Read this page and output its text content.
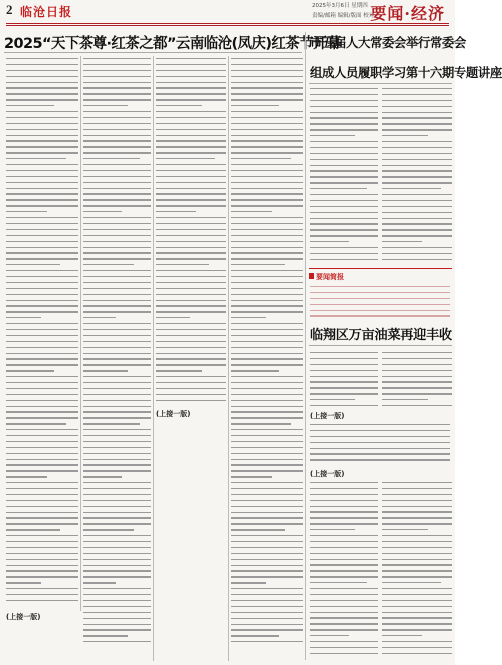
2 临沧日报	2025年3月6日 星期四
责编/邮箱 编辑/版面 校对
要闻·经济
2025“天下茶尊·红茶之都”云南临沧(凤庆)红茶节开幕
市五届人大常委会举行常委会
组成人员履职学习第十六期专题讲座
要闻简报
临翔区万亩油菜再迎丰收
(上接一版)
(上接一版)
(上接一版)
(上接一版)
